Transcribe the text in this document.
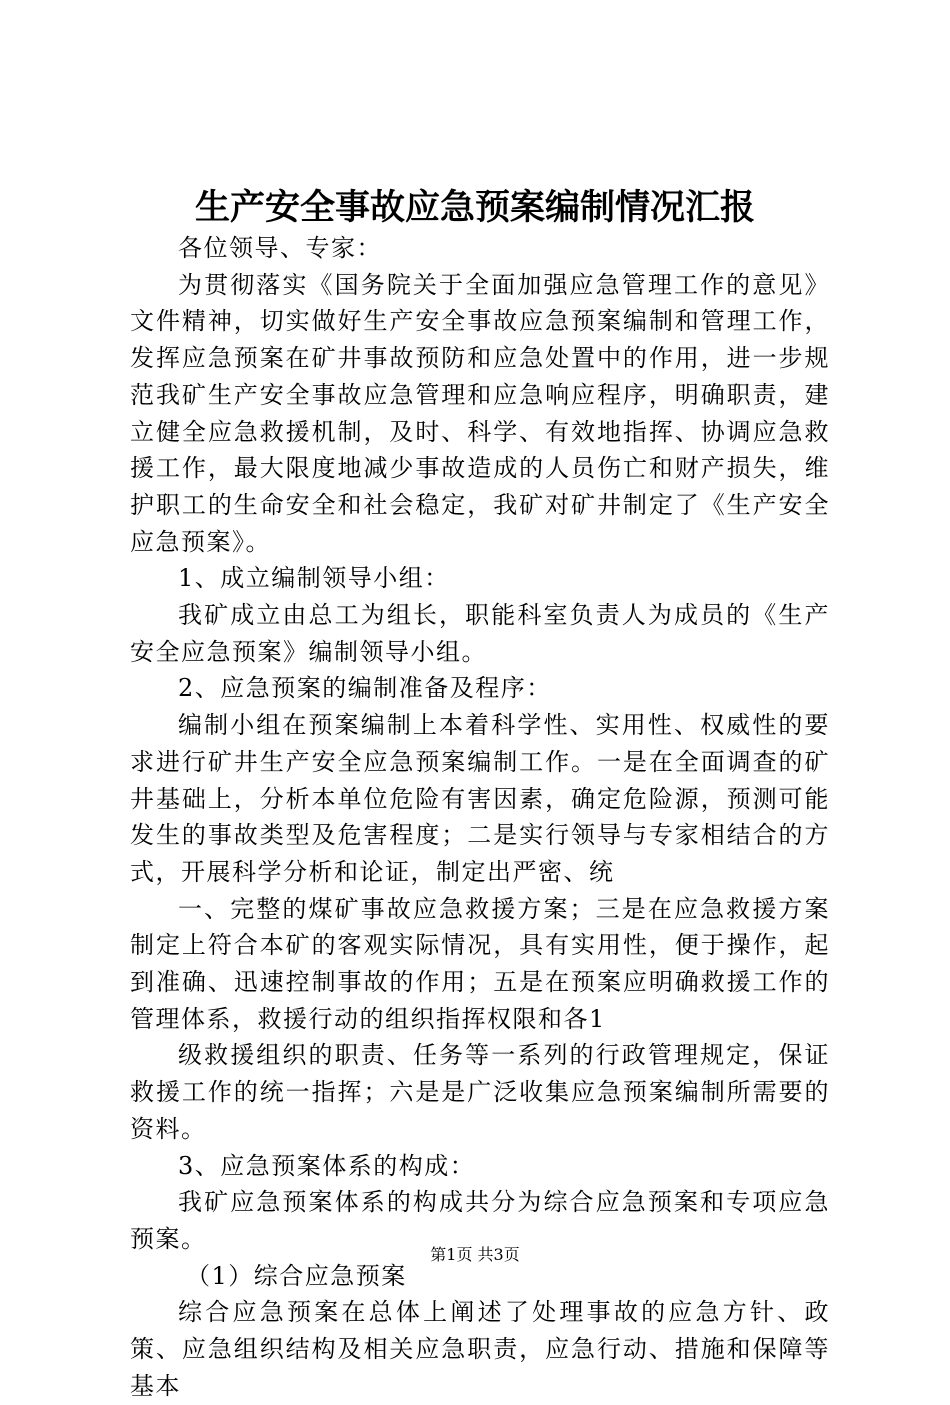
生产安全事故应急预案编制情况汇报

各位领导、专家：

为贯彻落实《国务院关于全面加强应急管理工作的意见》文件精神，切实做好生产安全事故应急预案编制和管理工作，发挥应急预案在矿井事故预防和应急处置中的作用，进一步规范我矿生产安全事故应急管理和应急响应程序，明确职责，建立健全应急救援机制，及时、科学、有效地指挥、协调应急救援工作，最大限度地减少事故造成的人员伤亡和财产损失，维护职工的生命安全和社会稳定，我矿对矿井制定了《生产安全应急预案》。

1、成立编制领导小组：

我矿成立由总工为组长，职能科室负责人为成员的《生产安全应急预案》编制领导小组。

2、应急预案的编制准备及程序：

编制小组在预案编制上本着科学性、实用性、权威性的要求进行矿井生产安全应急预案编制工作。一是在全面调查的矿井基础上，分析本单位危险有害因素，确定危险源，预测可能发生的事故类型及危害程度；二是实行领导与专家相结合的方式，开展科学分析和论证，制定出严密、统

一、完整的煤矿事故应急救援方案；三是在应急救援方案制定上符合本矿的客观实际情况，具有实用性，便于操作，起到准确、迅速控制事故的作用；五是在预案应明确救援工作的管理体系，救援行动的组织指挥权限和各1

级救援组织的职责、任务等一系列的行政管理规定，保证救援工作的统一指挥；六是是广泛收集应急预案编制所需要的资料。

3、应急预案体系的构成：

我矿应急预案体系的构成共分为综合应急预案和专项应急预案。

（1）综合应急预案

综合应急预案在总体上阐述了处理事故的应急方针、政策、应急组织结构及相关应急职责，应急行动、措施和保障等基本

第1页 共3页
